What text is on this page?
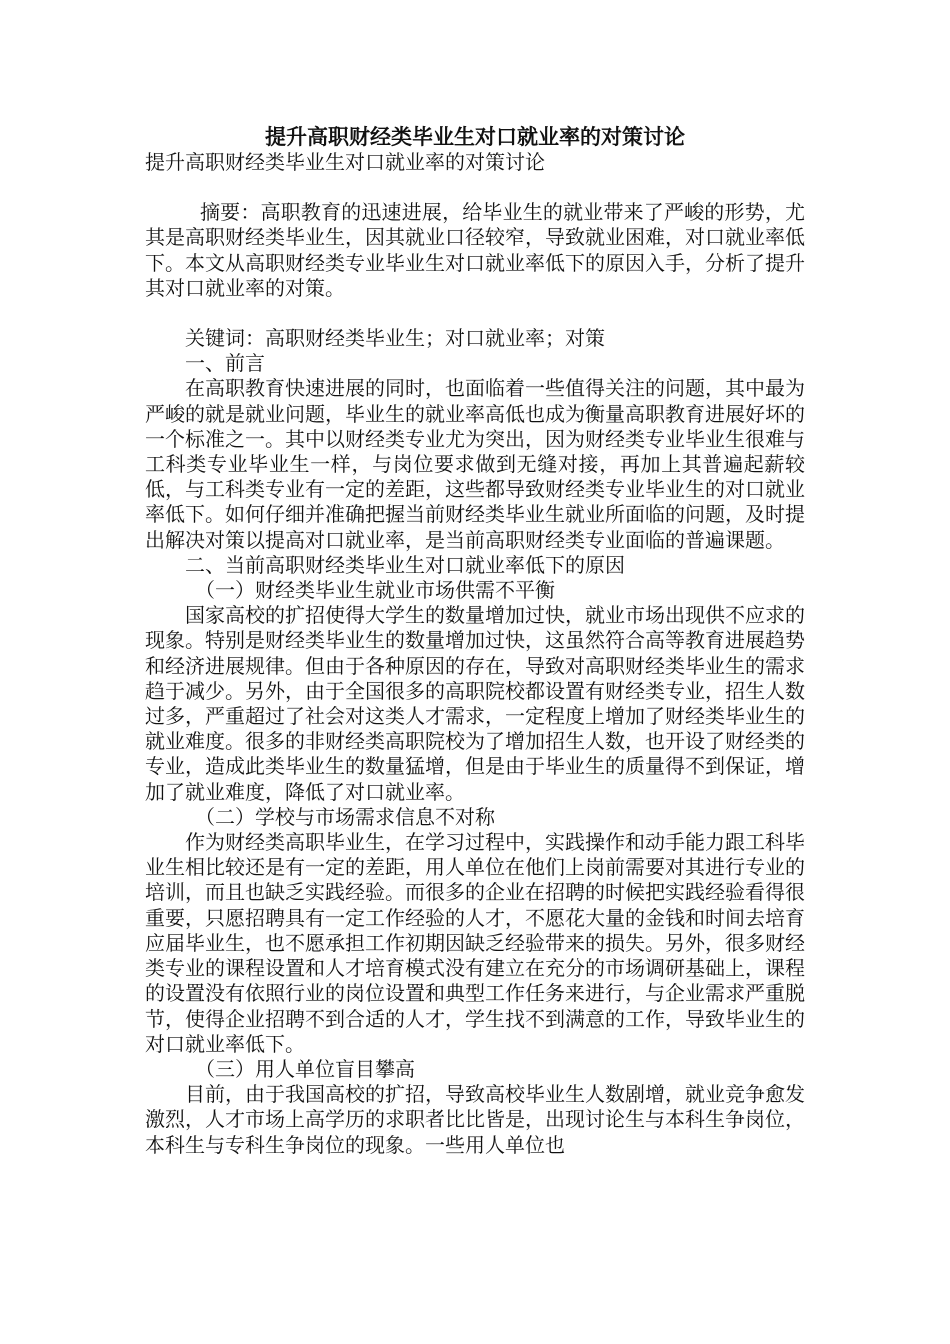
提升高职财经类毕业生对口就业率的对策讨论

提升高职财经类毕业生对口就业率的对策讨论

摘要：高职教育的迅速进展，给毕业生的就业带来了严峻的形势，尤其是高职财经类毕业生，因其就业口径较窄，导致就业困难，对口就业率低下。本文从高职财经类专业毕业生对口就业率低下的原因入手，分析了提升其对口就业率的对策。

关键词：高职财经类毕业生；对口就业率；对策

一、前言

在高职教育快速进展的同时，也面临着一些值得关注的问题，其中最为严峻的就是就业问题，毕业生的就业率高低也成为衡量高职教育进展好坏的一个标准之一。其中以财经类专业尤为突出，因为财经类专业毕业生很难与工科类专业毕业生一样，与岗位要求做到无缝对接，再加上其普遍起薪较低，与工科类专业有一定的差距，这些都导致财经类专业毕业生的对口就业率低下。如何仔细并准确把握当前财经类毕业生就业所面临的问题，及时提出解决对策以提高对口就业率，是当前高职财经类专业面临的普遍课题。

二、当前高职财经类毕业生对口就业率低下的原因

（一）财经类毕业生就业市场供需不平衡

国家高校的扩招使得大学生的数量增加过快，就业市场出现供不应求的现象。特别是财经类毕业生的数量增加过快，这虽然符合高等教育进展趋势和经济进展规律。但由于各种原因的存在，导致对高职财经类毕业生的需求趋于减少。另外，由于全国很多的高职院校都设置有财经类专业，招生人数过多，严重超过了社会对这类人才需求，一定程度上增加了财经类毕业生的就业难度。很多的非财经类高职院校为了增加招生人数，也开设了财经类的专业，造成此类毕业生的数量猛增，但是由于毕业生的质量得不到保证，增加了就业难度，降低了对口就业率。

（二）学校与市场需求信息不对称

作为财经类高职毕业生，在学习过程中，实践操作和动手能力跟工科毕业生相比较还是有一定的差距，用人单位在他们上岗前需要对其进行专业的培训，而且也缺乏实践经验。而很多的企业在招聘的时候把实践经验看得很重要，只愿招聘具有一定工作经验的人才，不愿花大量的金钱和时间去培育应届毕业生，也不愿承担工作初期因缺乏经验带来的损失。另外，很多财经类专业的课程设置和人才培育模式没有建立在充分的市场调研基础上，课程的设置没有依照行业的岗位设置和典型工作任务来进行，与企业需求严重脱节，使得企业招聘不到合适的人才，学生找不到满意的工作，导致毕业生的对口就业率低下。

（三）用人单位盲目攀高

目前，由于我国高校的扩招，导致高校毕业生人数剧增，就业竞争愈发激烈，人才市场上高学历的求职者比比皆是，出现讨论生与本科生争岗位，本科生与专科生争岗位的现象。一些用人单位也
